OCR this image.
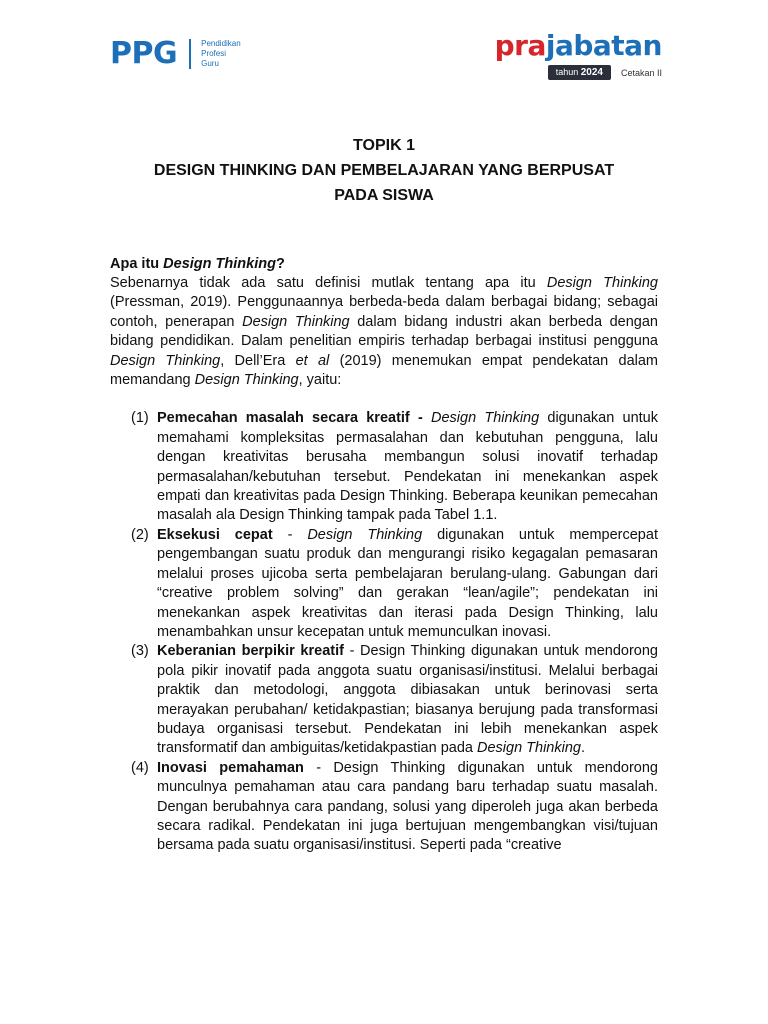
PPG	Pendidikan
Profesi
Guru
prajabatan
tahun 2024	Cetakan II
TOPIK 1
DESIGN THINKING DAN PEMBELAJARAN YANG BERPUSAT
PADA SISWA
Apa itu Design Thinking?

Sebenarnya tidak ada satu definisi mutlak tentang apa itu Design Thinking (Pressman, 2019). Penggunaannya berbeda-beda dalam berbagai bidang; sebagai contoh, penerapan Design Thinking dalam bidang industri akan berbeda dengan bidang pendidikan. Dalam penelitian empiris terhadap berbagai institusi pengguna Design Thinking, Dell’Era et al (2019) menemukan empat pendekatan dalam memandang Design Thinking, yaitu:

(1) Pemecahan masalah secara kreatif - Design Thinking digunakan untuk memahami kompleksitas permasalahan dan kebutuhan pengguna, lalu dengan kreativitas berusaha membangun solusi inovatif terhadap permasalahan/kebutuhan tersebut. Pendekatan ini menekankan aspek empati dan kreativitas pada Design Thinking. Beberapa keunikan pemecahan masalah ala Design Thinking tampak pada Tabel 1.1.
(2) Eksekusi cepat - Design Thinking digunakan untuk mempercepat pengembangan suatu produk dan mengurangi risiko kegagalan pemasaran melalui proses ujicoba serta pembelajaran berulang-ulang. Gabungan dari “creative problem solving” dan gerakan “lean/agile”; pendekatan ini menekankan aspek kreativitas dan iterasi pada Design Thinking, lalu menambahkan unsur kecepatan untuk memunculkan inovasi.
(3) Keberanian berpikir kreatif - Design Thinking digunakan untuk mendorong pola pikir inovatif pada anggota suatu organisasi/institusi. Melalui berbagai praktik dan metodologi, anggota dibiasakan untuk berinovasi serta merayakan perubahan/ ketidakpastian; biasanya berujung pada transformasi budaya organisasi tersebut. Pendekatan ini lebih menekankan aspek transformatif dan ambiguitas/ketidakpastian pada Design Thinking.
(4) Inovasi pemahaman - Design Thinking digunakan untuk mendorong munculnya pemahaman atau cara pandang baru terhadap suatu masalah. Dengan berubahnya cara pandang, solusi yang diperoleh juga akan berbeda secara radikal. Pendekatan ini juga bertujuan mengembangkan visi/tujuan bersama pada suatu organisasi/institusi. Seperti pada “creative
